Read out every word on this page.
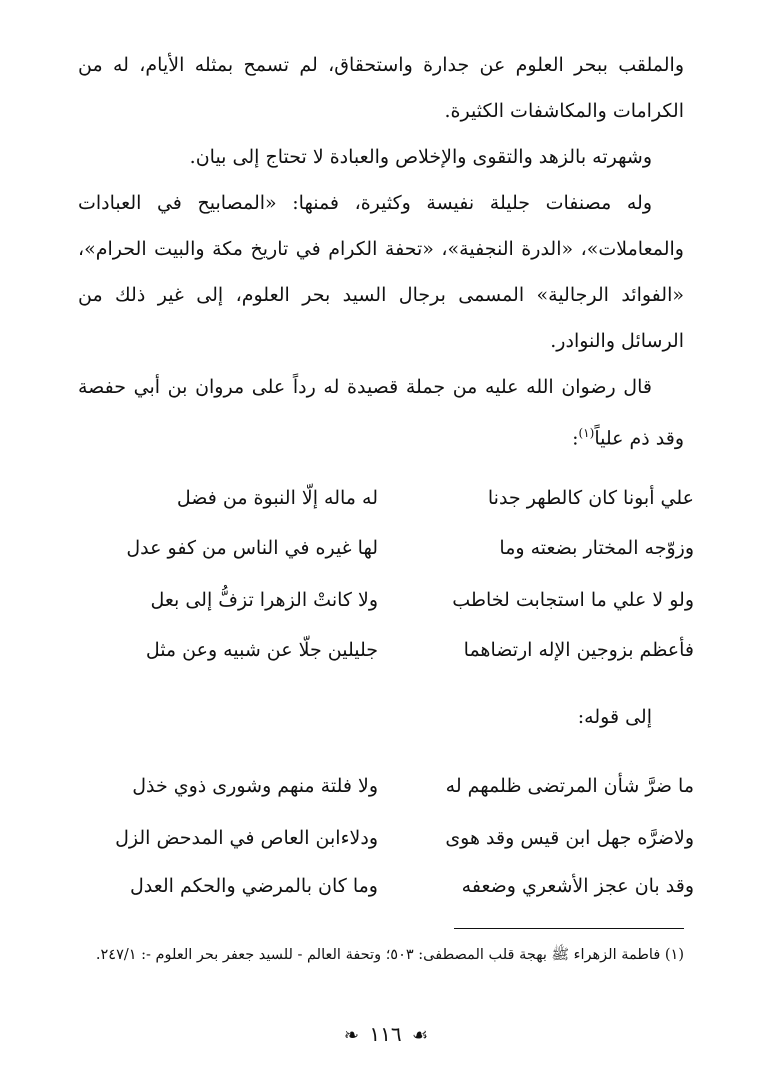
والملقب ببحر العلوم عن جدارة واستحقاق، لم تسمح بمثله الأيام، له من الكرامات والمكاشفات الكثيرة.

وشهرته بالزهد والتقوى والإخلاص والعبادة لا تحتاج إلى بيان.

وله مصنفات جليلة نفيسة وكثيرة، فمنها: «المصابيح في العبادات والمعاملات»، «الدرة النجفية»، «تحفة الكرام في تاريخ مكة والبيت الحرام»، «الفوائد الرجالية» المسمى برجال السيد بحر العلوم، إلى غير ذلك من الرسائل والنوادر.

قال رضوان الله عليه من جملة قصيدة له رداً على مروان بن أبي حفصة وقد ذم علياً$^{(١)}$:

علي أبونا كان كالطهر جدنا
له ماله إلّا النبوة من فضل
وزوّجه المختار بضعته وما
لها غيره في الناس من كفو عدل
ولو لا علي ما استجابت لخاطب
ولا كانتْ الزهرا تزفُّ إلى بعل
فأعظم بزوجين الإله ارتضاهما
جليلين جلّا عن شبيه وعن مثل
إلى قوله:
ما ضرَّ شأن المرتضى ظلمهم له
ولا فلتة منهم وشورى ذوي خذل
ولاضرَّه جهل ابن قيس وقد هوى
ودلاءابن العاص في المدحض الزل
وقد بان عجز الأشعري وضعفه
وما كان بالمرضي والحكم العدل

(١) فاطمة الزهراء ﷺ بهجة قلب المصطفى: ٥٠٣؛ وتحفة العالم - للسيد جعفر بحر العلوم -: ٢٤٧/١.

❧ ١١٦ ☙
